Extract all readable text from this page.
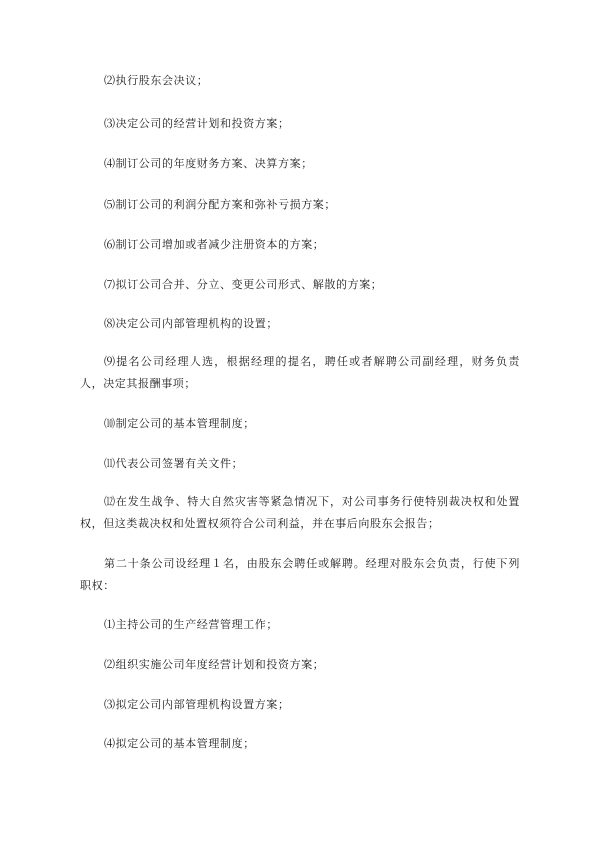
⑵执行股东会决议；

⑶决定公司的经营计划和投资方案；

⑷制订公司的年度财务方案、决算方案；

⑸制订公司的利润分配方案和弥补亏损方案；

⑹制订公司增加或者减少注册资本的方案；

⑺拟订公司合并、分立、变更公司形式、解散的方案；

⑻决定公司内部管理机构的设置；

⑼提名公司经理人选，根据经理的提名，聘任或者解聘公司副经理，财务负责人，决定其报酬事项；

⑽制定公司的基本管理制度；

⑾代表公司签署有关文件；

⑿在发生战争、特大自然灾害等紧急情况下，对公司事务行使特别裁决权和处置权，但这类裁决权和处置权须符合公司利益，并在事后向股东会报告；

第二十条公司设经理１名，由股东会聘任或解聘。经理对股东会负责，行使下列职权：

⑴主持公司的生产经营管理工作；

⑵组织实施公司年度经营计划和投资方案；

⑶拟定公司内部管理机构设置方案；

⑷拟定公司的基本管理制度；
